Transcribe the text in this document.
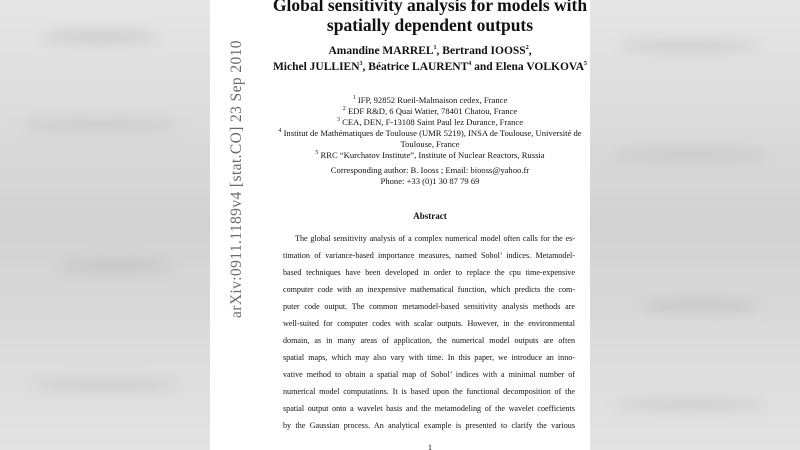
arXiv:0911.1189v4 [stat.CO] 23 Sep 2010
Global sensitivity analysis for models with
spatially dependent outputs
Amandine MARREL$^1$, Bertrand IOOSS$^2$,
Michel JULLIEN$^3$, Béatrice LAURENT$^4$ and Elena VOLKOVA$^5$
$^1$ IFP, 92852 Rueil-Malmaison cedex, France
$^2$ EDF R&D, 6 Quai Watier, 78401 Chatou, France
$^3$ CEA, DEN, F-13108 Saint Paul lez Durance, France
$^4$ Institut de Mathématiques de Toulouse (UMR 5219), INSA de Toulouse, Université de
Toulouse, France
$^5$ RRC “Kurchatov Institute”, Institute of Nuclear Reactors, Russia
Corresponding author: B. Iooss ; Email: biooss@yahoo.fr
Phone: +33 (0)1 30 87 79 69
Abstract
The global sensitivity analysis of a complex numerical model often calls for the es-
timation of variance-based importance measures, named Sobol’ indices. Metamodel-
based techniques have been developed in order to replace the cpu time-expensive
computer code with an inexpensive mathematical function, which predicts the com-
puter code output. The common metamodel-based sensitivity analysis methods are
well-suited for computer codes with scalar outputs. However, in the environmental
domain, as in many areas of application, the numerical model outputs are often
spatial maps, which may also vary with time. In this paper, we introduce an inno-
vative method to obtain a spatial map of Sobol’ indices with a minimal number of
numerical model computations. It is based upon the functional decomposition of the
spatial output onto a wavelet basis and the metamodeling of the wavelet coefficients
by the Gaussian process. An analytical example is presented to clarify the various
1
